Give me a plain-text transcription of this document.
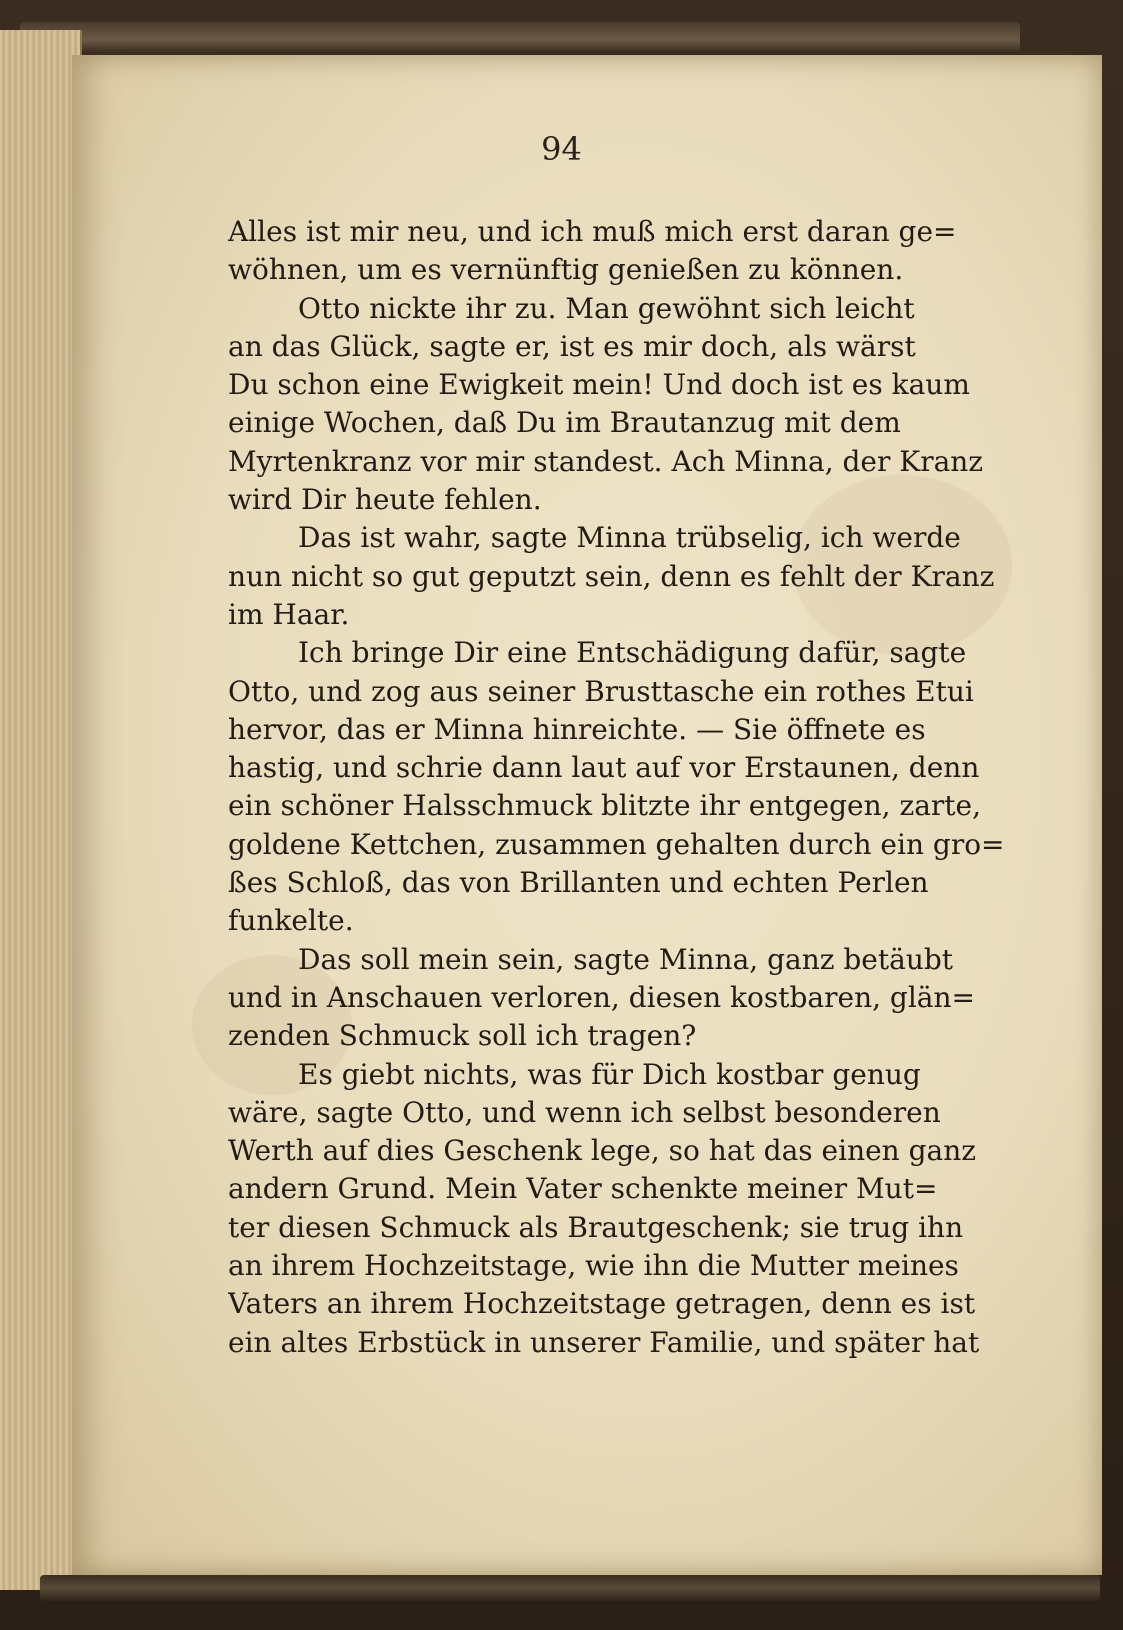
94
Alles ist mir neu, und ich muß mich erst daran ge=
wöhnen, um es vernünftig genießen zu können.
Otto nickte ihr zu. Man gewöhnt sich leicht
an das Glück, sagte er, ist es mir doch, als wärst
Du schon eine Ewigkeit mein! Und doch ist es kaum
einige Wochen, daß Du im Brautanzug mit dem
Myrtenkranz vor mir standest. Ach Minna, der Kranz
wird Dir heute fehlen.
Das ist wahr, sagte Minna trübselig, ich werde
nun nicht so gut geputzt sein, denn es fehlt der Kranz
im Haar.
Ich bringe Dir eine Entschädigung dafür, sagte
Otto, und zog aus seiner Brusttasche ein rothes Etui
hervor, das er Minna hinreichte. — Sie öffnete es
hastig, und schrie dann laut auf vor Erstaunen, denn
ein schöner Halsschmuck blitzte ihr entgegen, zarte,
goldene Kettchen, zusammen gehalten durch ein gro=
ßes Schloß, das von Brillanten und echten Perlen
funkelte.
Das soll mein sein, sagte Minna, ganz betäubt
und in Anschauen verloren, diesen kostbaren, glän=
zenden Schmuck soll ich tragen?
Es giebt nichts, was für Dich kostbar genug
wäre, sagte Otto, und wenn ich selbst besonderen
Werth auf dies Geschenk lege, so hat das einen ganz
andern Grund. Mein Vater schenkte meiner Mut=
ter diesen Schmuck als Brautgeschenk; sie trug ihn
an ihrem Hochzeitstage, wie ihn die Mutter meines
Vaters an ihrem Hochzeitstage getragen, denn es ist
ein altes Erbstück in unserer Familie, und später hat
